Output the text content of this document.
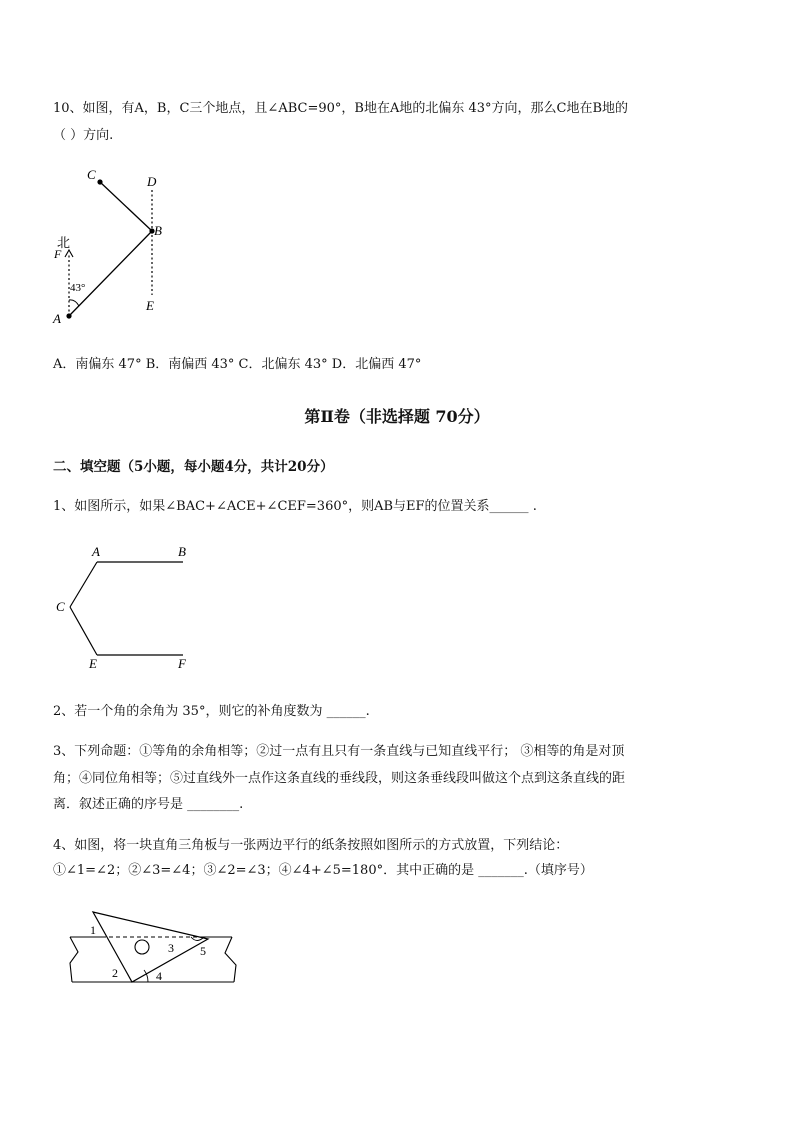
10、如图，有A，B，C三个地点，且∠ABC=90°，B地在A地的北偏东 43°方向，那么C地在B地的
（ ）方向.
C	D
B
北
F
43°
A
E
A．南偏东 47° B．南偏西 43° C．北偏东 43° D．北偏西 47°
第Ⅱ卷（非选择题 70分）
二、填空题（5小题，每小题4分，共计20分）
1、如图所示，如果∠BAC+∠ACE+∠CEF=360°，则AB与EF的位置关系______ .
A	B
C
E	F
2、若一个角的余角为 35°，则它的补角度数为 ______.
3、下列命题：①等角的余角相等；②过一点有且只有一条直线与已知直线平行； ③相等的角是对顶
角；④同位角相等；⑤过直线外一点作这条直线的垂线段，则这条垂线段叫做这个点到这条直线的距
离．叙述正确的序号是 ________.
4、如图，将一块直角三角板与一张两边平行的纸条按照如图所示的方式放置，下列结论：
①∠1=∠2；②∠3=∠4；③∠2=∠3；④∠4+∠5=180°．其中正确的是 _______.（填序号）
1
2
3
4
5
